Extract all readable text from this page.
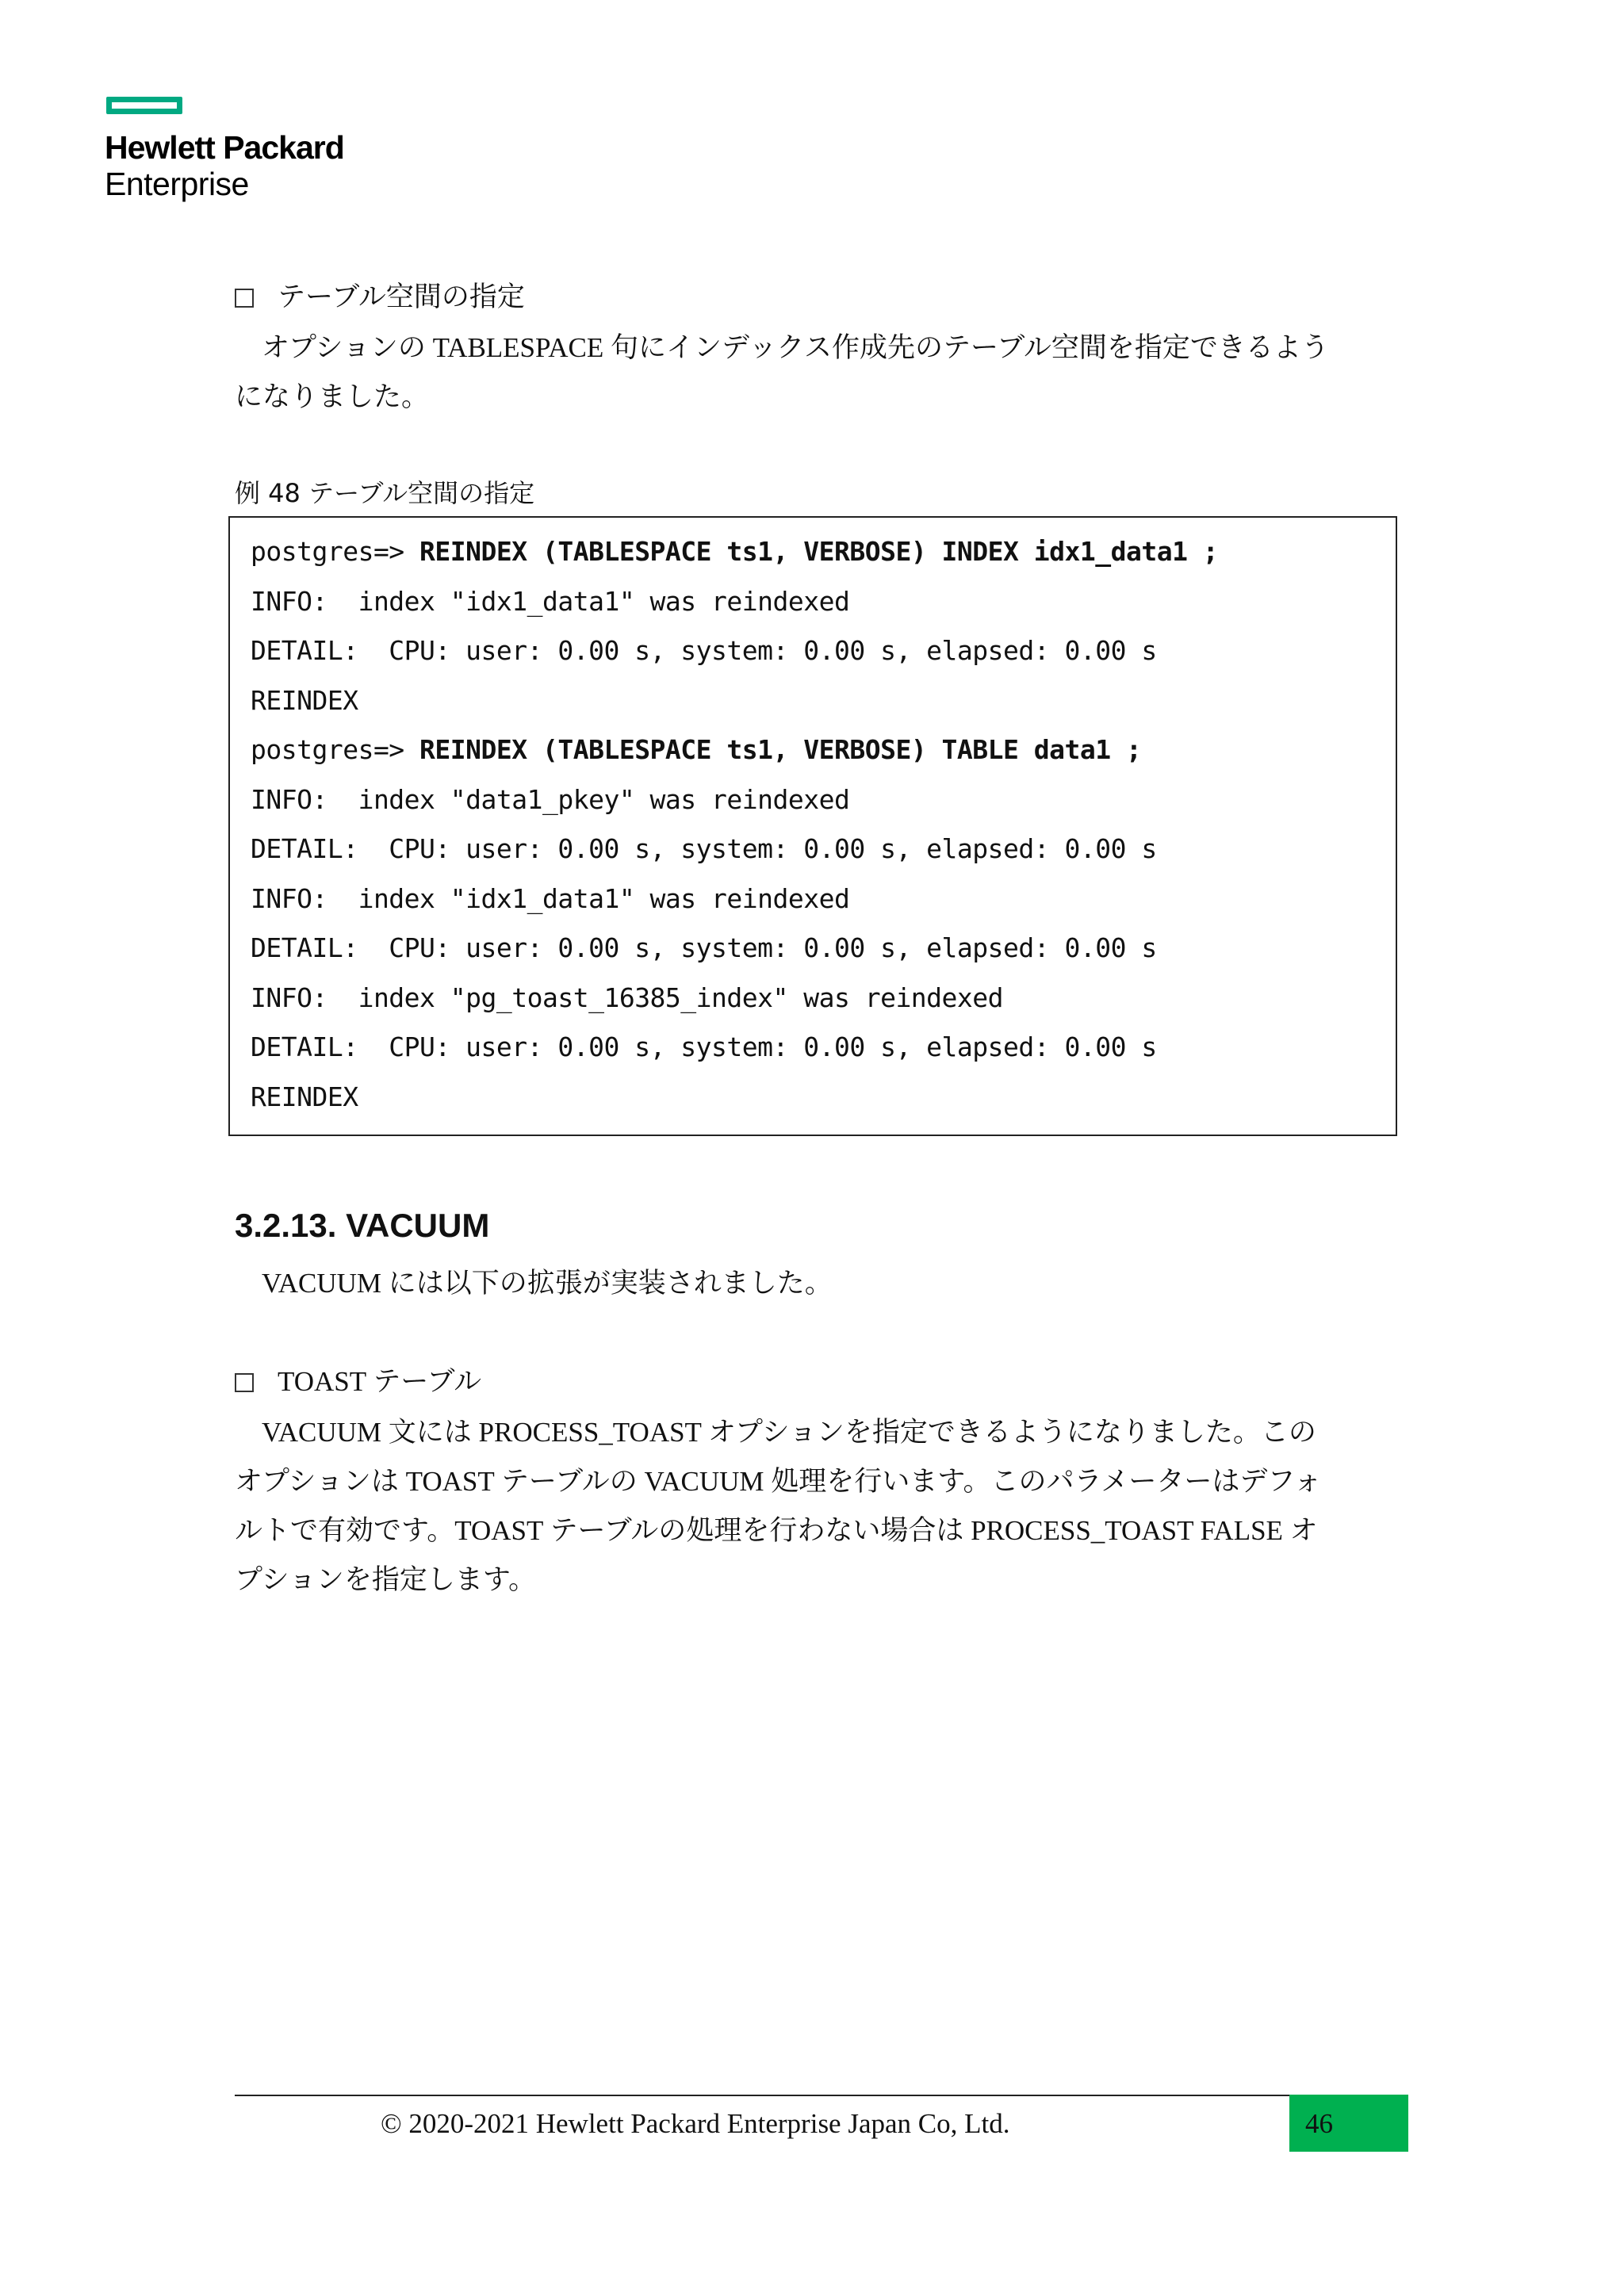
Hewlett Packard
Enterprise
テーブル空間の指定
オプションの TABLESPACE 句にインデックス作成先のテーブル空間を指定できるよう
になりました。
例 48 テーブル空間の指定
postgres=> REINDEX (TABLESPACE ts1, VERBOSE) INDEX idx1_data1 ;
INFO:  index "idx1_data1" was reindexed
DETAIL:  CPU: user: 0.00 s, system: 0.00 s, elapsed: 0.00 s
REINDEX
postgres=> REINDEX (TABLESPACE ts1, VERBOSE) TABLE data1 ;
INFO:  index "data1_pkey" was reindexed
DETAIL:  CPU: user: 0.00 s, system: 0.00 s, elapsed: 0.00 s
INFO:  index "idx1_data1" was reindexed
DETAIL:  CPU: user: 0.00 s, system: 0.00 s, elapsed: 0.00 s
INFO:  index "pg_toast_16385_index" was reindexed
DETAIL:  CPU: user: 0.00 s, system: 0.00 s, elapsed: 0.00 s
REINDEX
3.2.13. VACUUM
VACUUM には以下の拡張が実装されました。
TOAST テーブル
VACUUM 文には PROCESS_TOAST オプションを指定できるようになりました。この
オプションは TOAST テーブルの VACUUM 処理を行います。このパラメーターはデフォ
ルトで有効です。TOAST テーブルの処理を行わない場合は PROCESS_TOAST FALSE オ
プションを指定します。
© 2020-2021 Hewlett Packard Enterprise Japan Co, Ltd.	46
